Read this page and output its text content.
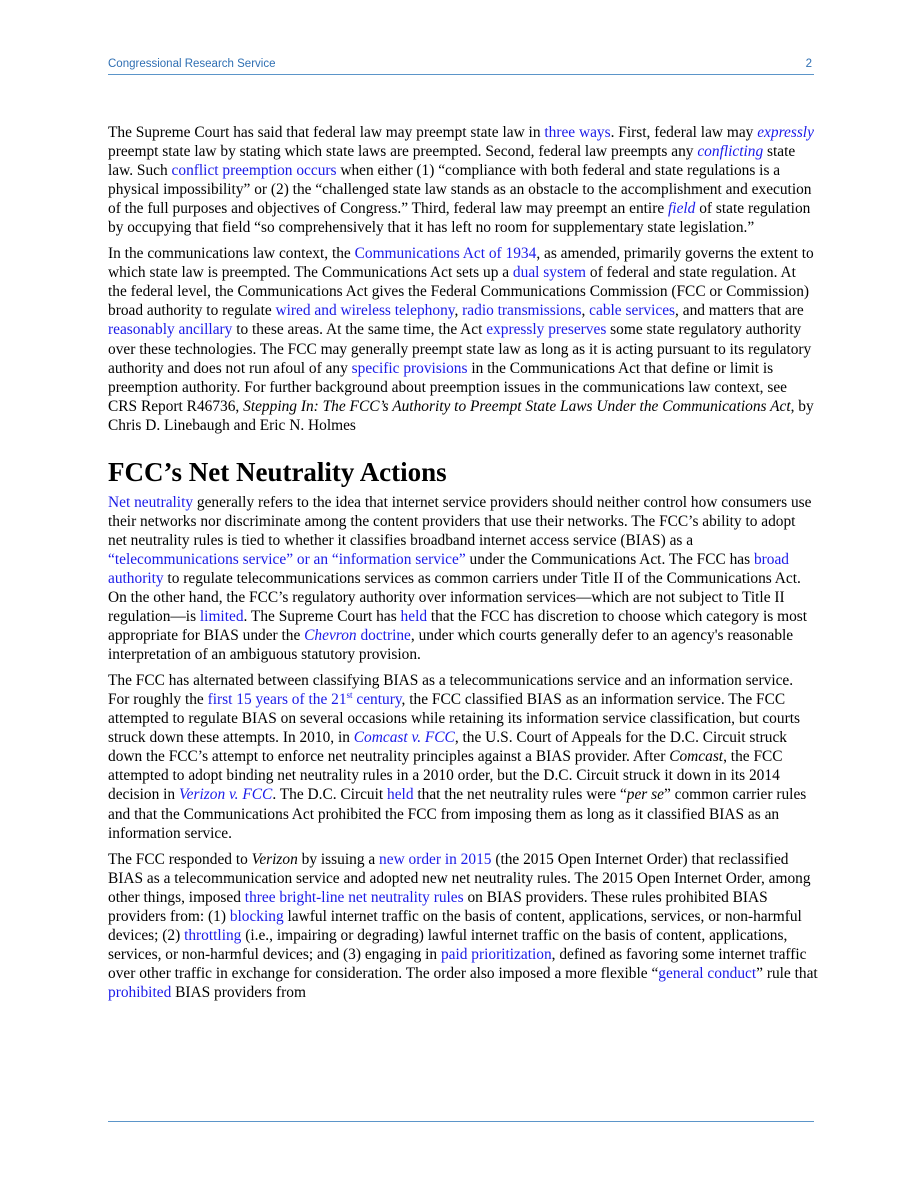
Congressional Research Service	2

The Supreme Court has said that federal law may preempt state law in three ways. First, federal law may expressly preempt state law by stating which state laws are preempted. Second, federal law preempts any conflicting state law. Such conflict preemption occurs when either (1) “compliance with both federal and state regulations is a physical impossibility” or (2) the “challenged state law stands as an obstacle to the accomplishment and execution of the full purposes and objectives of Congress.” Third, federal law may preempt an entire field of state regulation by occupying that field “so comprehensively that it has left no room for supplementary state legislation.”

In the communications law context, the Communications Act of 1934, as amended, primarily governs the extent to which state law is preempted. The Communications Act sets up a dual system of federal and state regulation. At the federal level, the Communications Act gives the Federal Communications Commission (FCC or Commission) broad authority to regulate wired and wireless telephony, radio transmissions, cable services, and matters that are reasonably ancillary to these areas. At the same time, the Act expressly preserves some state regulatory authority over these technologies. The FCC may generally preempt state law as long as it is acting pursuant to its regulatory authority and does not run afoul of any specific provisions in the Communications Act that define or limit is preemption authority. For further background about preemption issues in the communications law context, see CRS Report R46736, Stepping In: The FCC’s Authority to Preempt State Laws Under the Communications Act, by Chris D. Linebaugh and Eric N. Holmes

FCC’s Net Neutrality Actions

Net neutrality generally refers to the idea that internet service providers should neither control how consumers use their networks nor discriminate among the content providers that use their networks. The FCC’s ability to adopt net neutrality rules is tied to whether it classifies broadband internet access service (BIAS) as a “telecommunications service” or an “information service” under the Communications Act. The FCC has broad authority to regulate telecommunications services as common carriers under Title II of the Communications Act. On the other hand, the FCC’s regulatory authority over information services—which are not subject to Title II regulation—is limited. The Supreme Court has held that the FCC has discretion to choose which category is most appropriate for BIAS under the Chevron doctrine, under which courts generally defer to an agency's reasonable interpretation of an ambiguous statutory provision.

The FCC has alternated between classifying BIAS as a telecommunications service and an information service. For roughly the first 15 years of the 21st century, the FCC classified BIAS as an information service. The FCC attempted to regulate BIAS on several occasions while retaining its information service classification, but courts struck down these attempts. In 2010, in Comcast v. FCC, the U.S. Court of Appeals for the D.C. Circuit struck down the FCC’s attempt to enforce net neutrality principles against a BIAS provider. After Comcast, the FCC attempted to adopt binding net neutrality rules in a 2010 order, but the D.C. Circuit struck it down in its 2014 decision in Verizon v. FCC. The D.C. Circuit held that the net neutrality rules were “per se” common carrier rules and that the Communications Act prohibited the FCC from imposing them as long as it classified BIAS as an information service.

The FCC responded to Verizon by issuing a new order in 2015 (the 2015 Open Internet Order) that reclassified BIAS as a telecommunication service and adopted new net neutrality rules. The 2015 Open Internet Order, among other things, imposed three bright-line net neutrality rules on BIAS providers. These rules prohibited BIAS providers from: (1) blocking lawful internet traffic on the basis of content, applications, services, or non-harmful devices; (2) throttling (i.e., impairing or degrading) lawful internet traffic on the basis of content, applications, services, or non-harmful devices; and (3) engaging in paid prioritization, defined as favoring some internet traffic over other traffic in exchange for consideration. The order also imposed a more flexible “general conduct” rule that prohibited BIAS providers from
